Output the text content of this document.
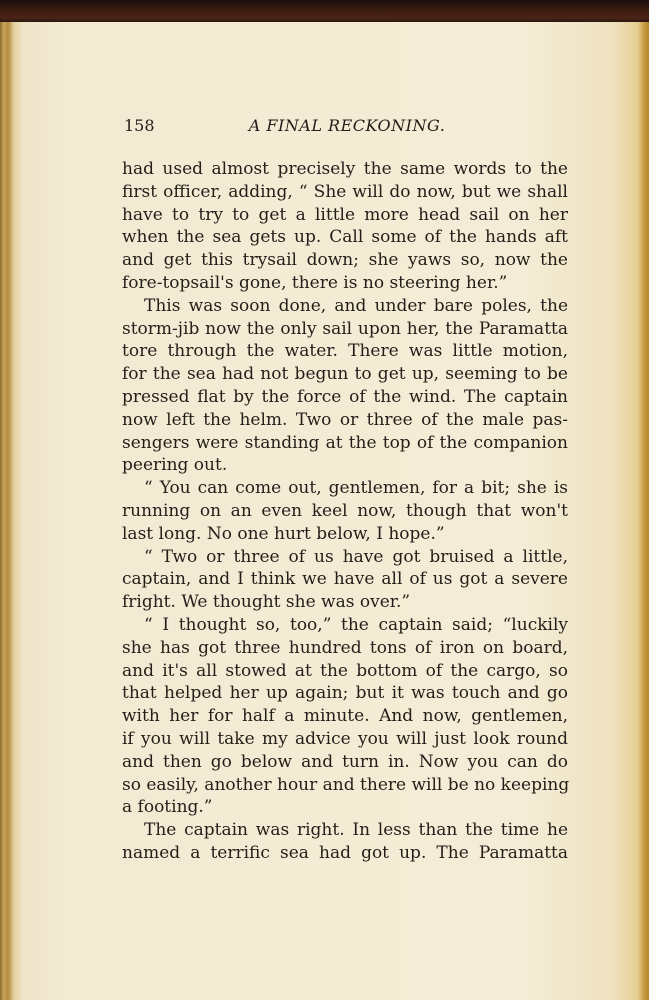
158	A FINAL RECKONING.
had used almost precisely the same words to the
first officer, adding, “ She will do now, but we shall
have to try to get a little more head sail on her
when the sea gets up. Call some of the hands aft
and get this trysail down; she yaws so, now the
fore-topsail's gone, there is no steering her.”
This was soon done, and under bare poles, the
storm-jib now the only sail upon her, the Paramatta
tore through the water. There was little motion,
for the sea had not begun to get up, seeming to be
pressed flat by the force of the wind. The captain
now left the helm. Two or three of the male pas-
sengers were standing at the top of the companion
peering out.
“ You can come out, gentlemen, for a bit; she is
running on an even keel now, though that won't
last long. No one hurt below, I hope.”
“ Two or three of us have got bruised a little,
captain, and I think we have all of us got a severe
fright. We thought she was over.”
“ I thought so, too,” the captain said; “luckily
she has got three hundred tons of iron on board,
and it's all stowed at the bottom of the cargo, so
that helped her up again; but it was touch and go
with her for half a minute. And now, gentlemen,
if you will take my advice you will just look round
and then go below and turn in. Now you can do
so easily, another hour and there will be no keeping
a footing.”
The captain was right. In less than the time he
named a terrific sea had got up. The Paramatta
